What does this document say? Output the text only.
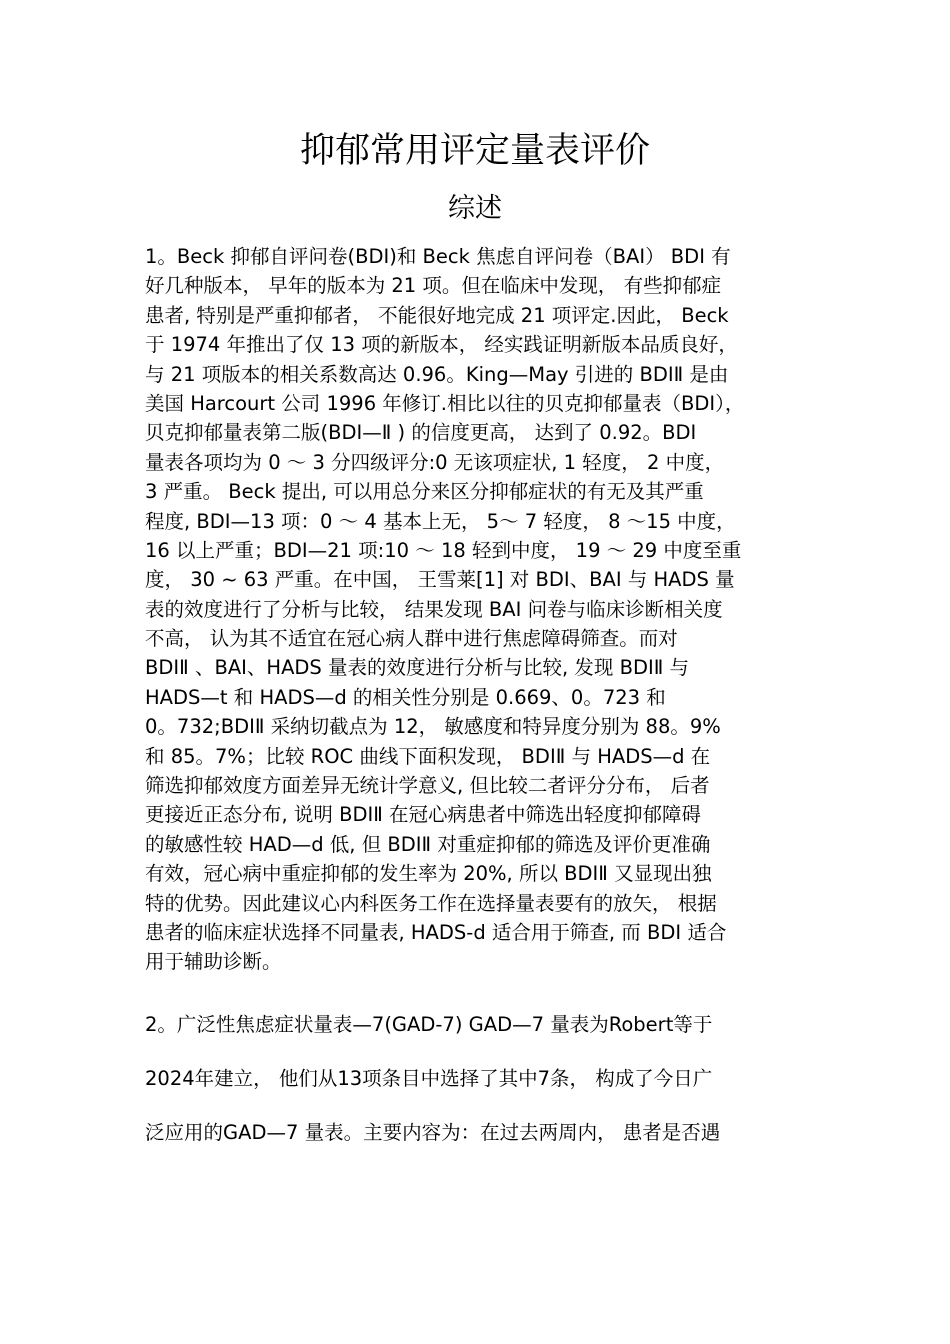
抑郁常用评定量表评价
综述
1。Beck 抑郁自评问卷(BDI)和 Beck 焦虑自评问卷（BAI） BDI 有
好几种版本， 早年的版本为 21 项。但在临床中发现， 有些抑郁症
患者, 特别是严重抑郁者， 不能很好地完成 21 项评定.因此， Beck
于 1974 年推出了仅 13 项的新版本， 经实践证明新版本品质良好，
与 21 项版本的相关系数高达 0.96。King—May 引进的 BDIⅡ 是由
美国 Harcourt 公司 1996 年修订.相比以往的贝克抑郁量表（BDI），
贝克抑郁量表第二版(BDI—Ⅱ ) 的信度更高， 达到了 0.92。BDI
量表各项均为 0 ～ 3 分四级评分:0 无该项症状, 1 轻度， 2 中度，
3 严重。 Beck 提出, 可以用总分来区分抑郁症状的有无及其严重
程度, BDI—13 项：0 ～ 4 基本上无， 5～ 7 轻度， 8 ～15 中度，
16 以上严重；BDI—21 项:10 ～ 18 轻到中度， 19 ～ 29 中度至重
度， 30 ~ 63 严重。在中国， 王雪莱[1] 对 BDI、BAI 与 HADS 量
表的效度进行了分析与比较， 结果发现 BAI 问卷与临床诊断相关度
不高， 认为其不适宜在冠心病人群中进行焦虑障碍筛查。而对
BDIⅡ 、BAI、HADS 量表的效度进行分析与比较, 发现 BDIⅡ 与
HADS—t 和 HADS—d 的相关性分别是 0.669、0。723 和
0。732;BDIⅡ 采纳切截点为 12， 敏感度和特异度分别为 88。9%
和 85。7%；比较 ROC 曲线下面积发现， BDIⅡ 与 HADS—d 在
筛选抑郁效度方面差异无统计学意义, 但比较二者评分分布， 后者
更接近正态分布, 说明 BDIⅡ 在冠心病患者中筛选出轻度抑郁障碍
的敏感性较 HAD—d 低, 但 BDIⅡ 对重症抑郁的筛选及评价更准确
有效，冠心病中重症抑郁的发生率为 20%, 所以 BDIⅡ 又显现出独
特的优势。因此建议心内科医务工作在选择量表要有的放矢， 根据
患者的临床症状选择不同量表, HADS-d 适合用于筛查, 而 BDI 适合
用于辅助诊断。
2。广泛性焦虑症状量表—7(GAD-7) GAD—7 量表为Robert等于
2024年建立， 他们从13项条目中选择了其中7条， 构成了今日广
泛应用的GAD—7 量表。主要内容为：在过去两周内， 患者是否遇
